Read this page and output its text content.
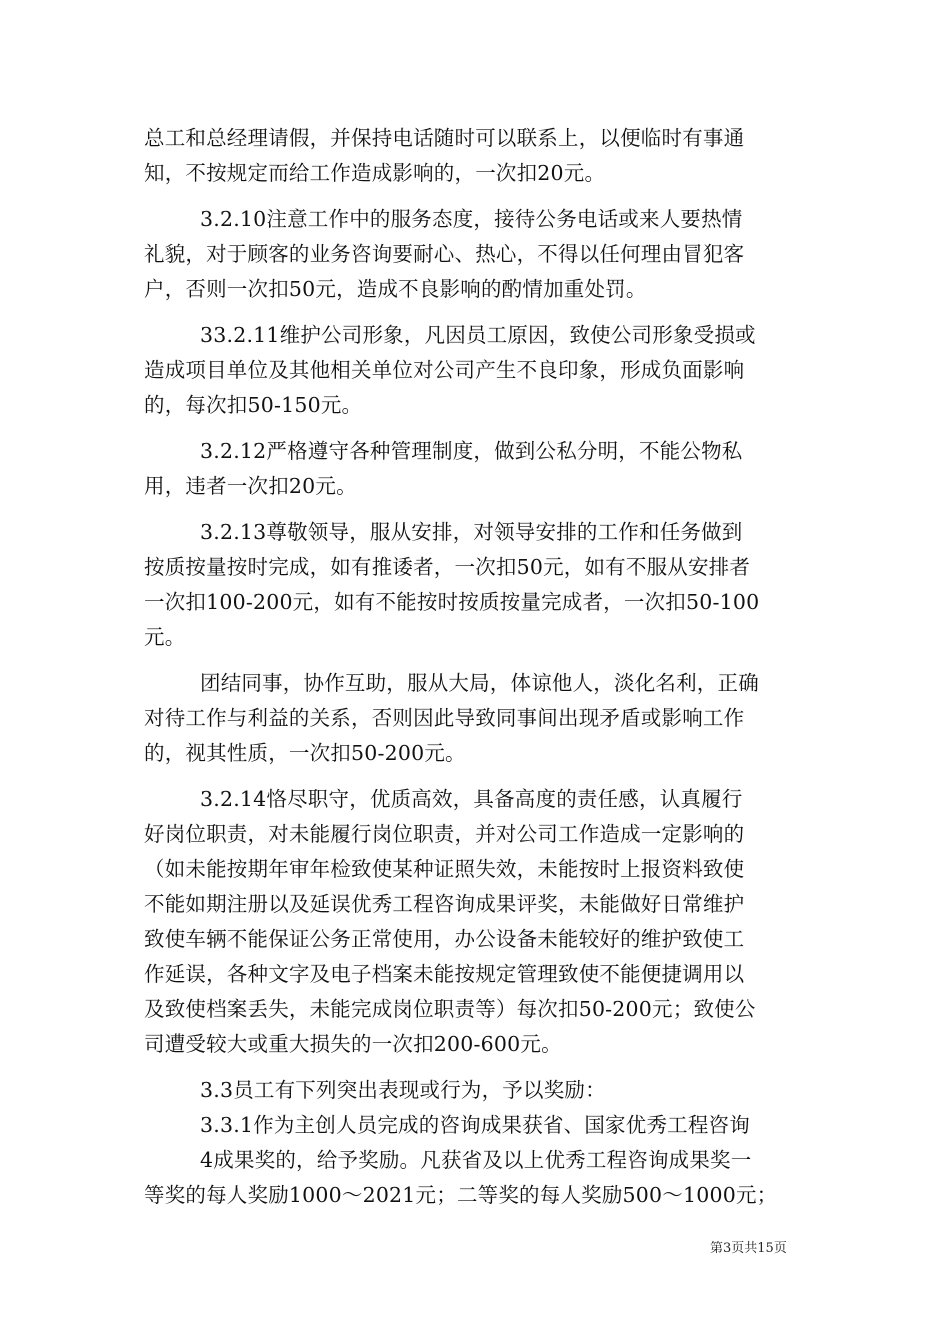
总工和总经理请假，并保持电话随时可以联系上，以便临时有事通
知，不按规定而给工作造成影响的，一次扣20元。
3.2.10注意工作中的服务态度，接待公务电话或来人要热情
礼貌，对于顾客的业务咨询要耐心、热心，不得以任何理由冒犯客
户，否则一次扣50元，造成不良影响的酌情加重处罚。
33.2.11维护公司形象，凡因员工原因，致使公司形象受损或
造成项目单位及其他相关单位对公司产生不良印象，形成负面影响
的，每次扣50-150元。
3.2.12严格遵守各种管理制度，做到公私分明，不能公物私
用，违者一次扣20元。
3.2.13尊敬领导，服从安排，对领导安排的工作和任务做到
按质按量按时完成，如有推诿者，一次扣50元，如有不服从安排者
一次扣100-200元，如有不能按时按质按量完成者，一次扣50-100
元。
团结同事，协作互助，服从大局，体谅他人，淡化名利，正确
对待工作与利益的关系，否则因此导致同事间出现矛盾或影响工作
的，视其性质，一次扣50-200元。
3.2.14恪尽职守，优质高效，具备高度的责任感，认真履行
好岗位职责，对未能履行岗位职责，并对公司工作造成一定影响的
（如未能按期年审年检致使某种证照失效，未能按时上报资料致使
不能如期注册以及延误优秀工程咨询成果评奖，未能做好日常维护
致使车辆不能保证公务正常使用，办公设备未能较好的维护致使工
作延误，各种文字及电子档案未能按规定管理致使不能便捷调用以
及致使档案丢失，未能完成岗位职责等）每次扣50-200元；致使公
司遭受较大或重大损失的一次扣200-600元。
3.3员工有下列突出表现或行为，予以奖励：
3.3.1作为主创人员完成的咨询成果获省、国家优秀工程咨询
4成果奖的，给予奖励。凡获省及以上优秀工程咨询成果奖一
等奖的每人奖励1000～2021元；二等奖的每人奖励500～1000元；
第3页共15页
